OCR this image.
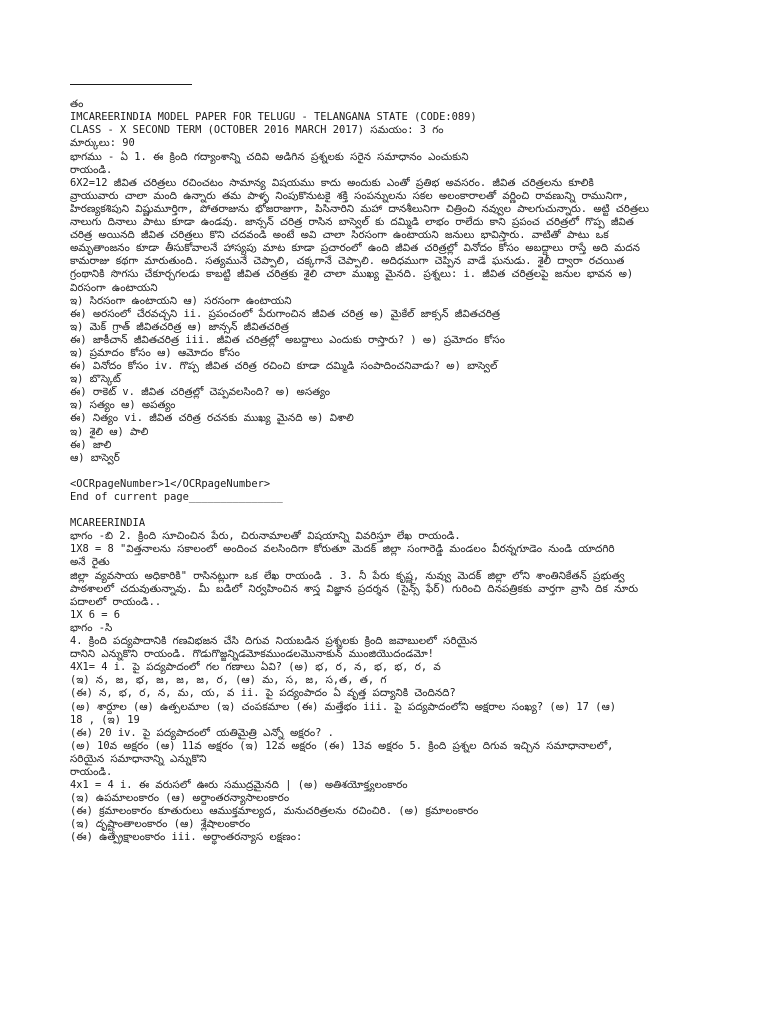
తం
IMCAREERINDIA MODEL PAPER FOR TELUGU - TELANGANA STATE (CODE:089)
CLASS - X SECOND TERM (OCTOBER 2016 MARCH 2017) సమయం: 3 గం
మార్కులు: 90
భాగము - ఏ 1. ఈ క్రింది గద్యాంశాన్ని చదివి అడిగిన ప్రశ్నలకు సరైన సమాధానం ఎంచుకుని
రాయండి.
6X2=12 జీవిత చరిత్రలు రచించటం సామాన్య విషయము కాదు అందుకు ఎంతో ప్రతిభ అవసరం. జీవిత చరిత్రలను కూలికి
వ్రాయువారు చాలా మంది ఉన్నారు తమ పాళ్ళ నింపుకొనుటకై శక్తి సంపన్నులను సకల అలంకారాలతో వర్ణించి రావణున్ని రామునిగా,
హిరణ్యకశిపుని విష్ణుమూర్తిగా, పోతరాజును భోజరాజుగా, పిసినారిని మహా దానశీలునిగా చిత్రించి నవ్వుల పాలగుచున్నారు. అట్టి చరిత్రలు
నాలుగు దినాలు పాటు కూడా ఉండవు. జాన్సన్ చరిత్ర రాసిన బాస్వెల్ కు దమ్మిడి లాభం రాలేదు కాని ప్రపంచ చరిత్రలో గొప్ప జీవిత
చరిత్ర అయినది జీవిత చరిత్రలు కొని చదవండి అంటే అవి చాలా సిరసంగా ఉంటాయని జనులు భావిస్తారు. వాటితో పాటు ఒక
అమృతాంజనం కూడా తీసుకోవాలనే హాస్యపు మాట కూడా ప్రచారంలో ఉంది జీవిత చరిత్రల్లో వినోదం కోసం అబద్దాలు రాస్తే అది మదన
కామరాజు కథగా మారుతుంది. సత్యమునే చెప్పాలి, చక్కగానే చెప్పాలి. అదిధముగా చెప్పిన వాడే ఘనుడు. శైలీ ద్వారా రచయిత
గ్రంథానికి సొగసు చేకూర్చగలడు కాబట్టి జీవిత చరిత్రకు శైలి చాలా ముఖ్య మైనది. ప్రశ్నలు: i. జీవిత చరిత్రలపై జనుల భావన అ)
విరసంగా ఉంటాయని
ఇ) సిరసంగా ఉంటాయని ఆ) సరసంగా ఉంటాయని
ఈ) అరసంలో చేరవచ్చని ii. ప్రపంచంలో పేరుగాంచిన జీవిత చరిత్ర అ) మైకేల్ జాక్సన్ జీవితచరిత్ర
ఇ) మెక్ గ్రాత్ జీవితచరిత్ర ఆ) జాన్సన్ జీవితచరిత్ర
ఈ) జాకీచాన్ జీవితచరిత్ర iii. జీవిత చరిత్రల్లో అబద్దాలు ఎందుకు రాస్తారు? ) అ) ప్రమోదం కోసం
ఇ) ప్రమాదం కోసం ఆ) ఆమోదం కోసం
ఈ) వినోదం కోసం iv. గొప్ప జీవిత చరిత్ర రచించి కూడా దమ్మిడి సంపాదించనివాడు? అ) బాస్వెల్
ఇ) బొస్కెట్
ఈ) రాకెట్ v. జీవిత చరిత్రల్లో చెప్పవలసింది? అ) అసత్యం
ఇ) సత్యం ఆ) అపత్యం
ఈ) నిత్యం vi. జీవిత చరిత్ర రచనకు ముఖ్య మైనది అ) విశాలి
ఇ) శైలి ఆ) పాలి
ఈ) జాలి
ఆ) బాస్వెర్
<OCRpageNumber>1</OCRpageNumber>
End of current page_______________
MCAREERINDIA
భాగం -బి 2. క్రింది సూచించిన పేరు, చిరునామాలతో విషయాన్ని వివరిస్తూ లేఖ రాయండి.
1X8 = 8 "విత్తనాలను సకాలంలో అందించ వలసిందిగా కోరుతూ మెదక్ జిల్లా సంగారెడ్డి మండలం వీరన్నగూడెం నుండి యాదగిరి
అనే రైతు
జిల్లా వ్యవసాయ అధికారికి" రాసినట్లుగా ఒక లేఖ రాయండి . 3. నీ పేరు కృష్ణ, నువ్వు మెదక్ జిల్లా లోని శాంతినికేతన్ ప్రభుత్వ
పాఠశాలలో చదువుతున్నావు. మీ బడిలో నిర్వహించిన శాస్త్ర విజ్ఞాన ప్రదర్శన (సైన్స్ ఫేర్) గురించి దినపత్రికకు వార్తగా వ్రాసి దిక నూరు
పదాలలో రాయండి..
1X 6 = 6
భాగం -సి
4. క్రింది పద్యపాదానికి గణవిభజన చేసి దిగువ నియబడిన ప్రశ్నలకు క్రింది జవాబులలో సరియైన
దానిని ఎన్నుకొని రాయండి. గొడుగొజ్జన్నిడమోకముండలమొనాకున్ ముంజియొదండమో!
4X1= 4 i. పై పద్యపాదంలో గల గణాలు ఏవి? (అ) భ, ర, న, భ, భ, ర, వ
(ఇ) న, జ, భ, జ, జ, జ, ర, (ఆ) మ, స, జ, స,త, త, గ
(ఈ) న, భ, ర, న, మ, య, వ ii. పై పద్యంపాదం ఏ వృత్త పద్యానికి చెందినది?
(అ) శార్దూల (ఆ) ఉత్పలమాల (ఇ) చంపకమాల (ఈ) మత్తేభం iii. పై పద్యపాదంలోని అక్షరాల సంఖ్య? (అ) 17 (ఆ)
18 , (ఇ) 19
(ఈ) 20 iv. పై పద్యపాదంలో యతిమైత్రి ఎన్నో అక్షరం? .
(అ) 10వ అక్షరం (ఆ) 11వ అక్షరం (ఇ) 12వ అక్షరం (ఈ) 13వ అక్షరం 5. క్రింది ప్రశ్నల దిగువ ఇచ్చిన సమాధానాలలో,
సరియైన సమాధానాన్ని ఎన్నుకొని
రాయండి.
4x1 = 4 i. ఈ వరుసలో ఊరు సముద్రమైనది | (అ) అతిశయోక్త్యలంకారం
(ఇ) ఉపమాలంకారం (ఆ) అర్థాంతరన్యాసాలంకారం
(ఈ) క్రమాలంకారం కూతురులు ఆముక్తమాల్యద, మనుచరిత్రలను రచించిరి. (అ) క్రమాలంకారం
(ఇ) దృష్టాంతాలంకారం (ఆ) శ్లేషాలంకారం
(ఈ) ఉత్ప్రేక్షాలంకారం iii. అర్థాంతరన్యాస లక్షణం:
